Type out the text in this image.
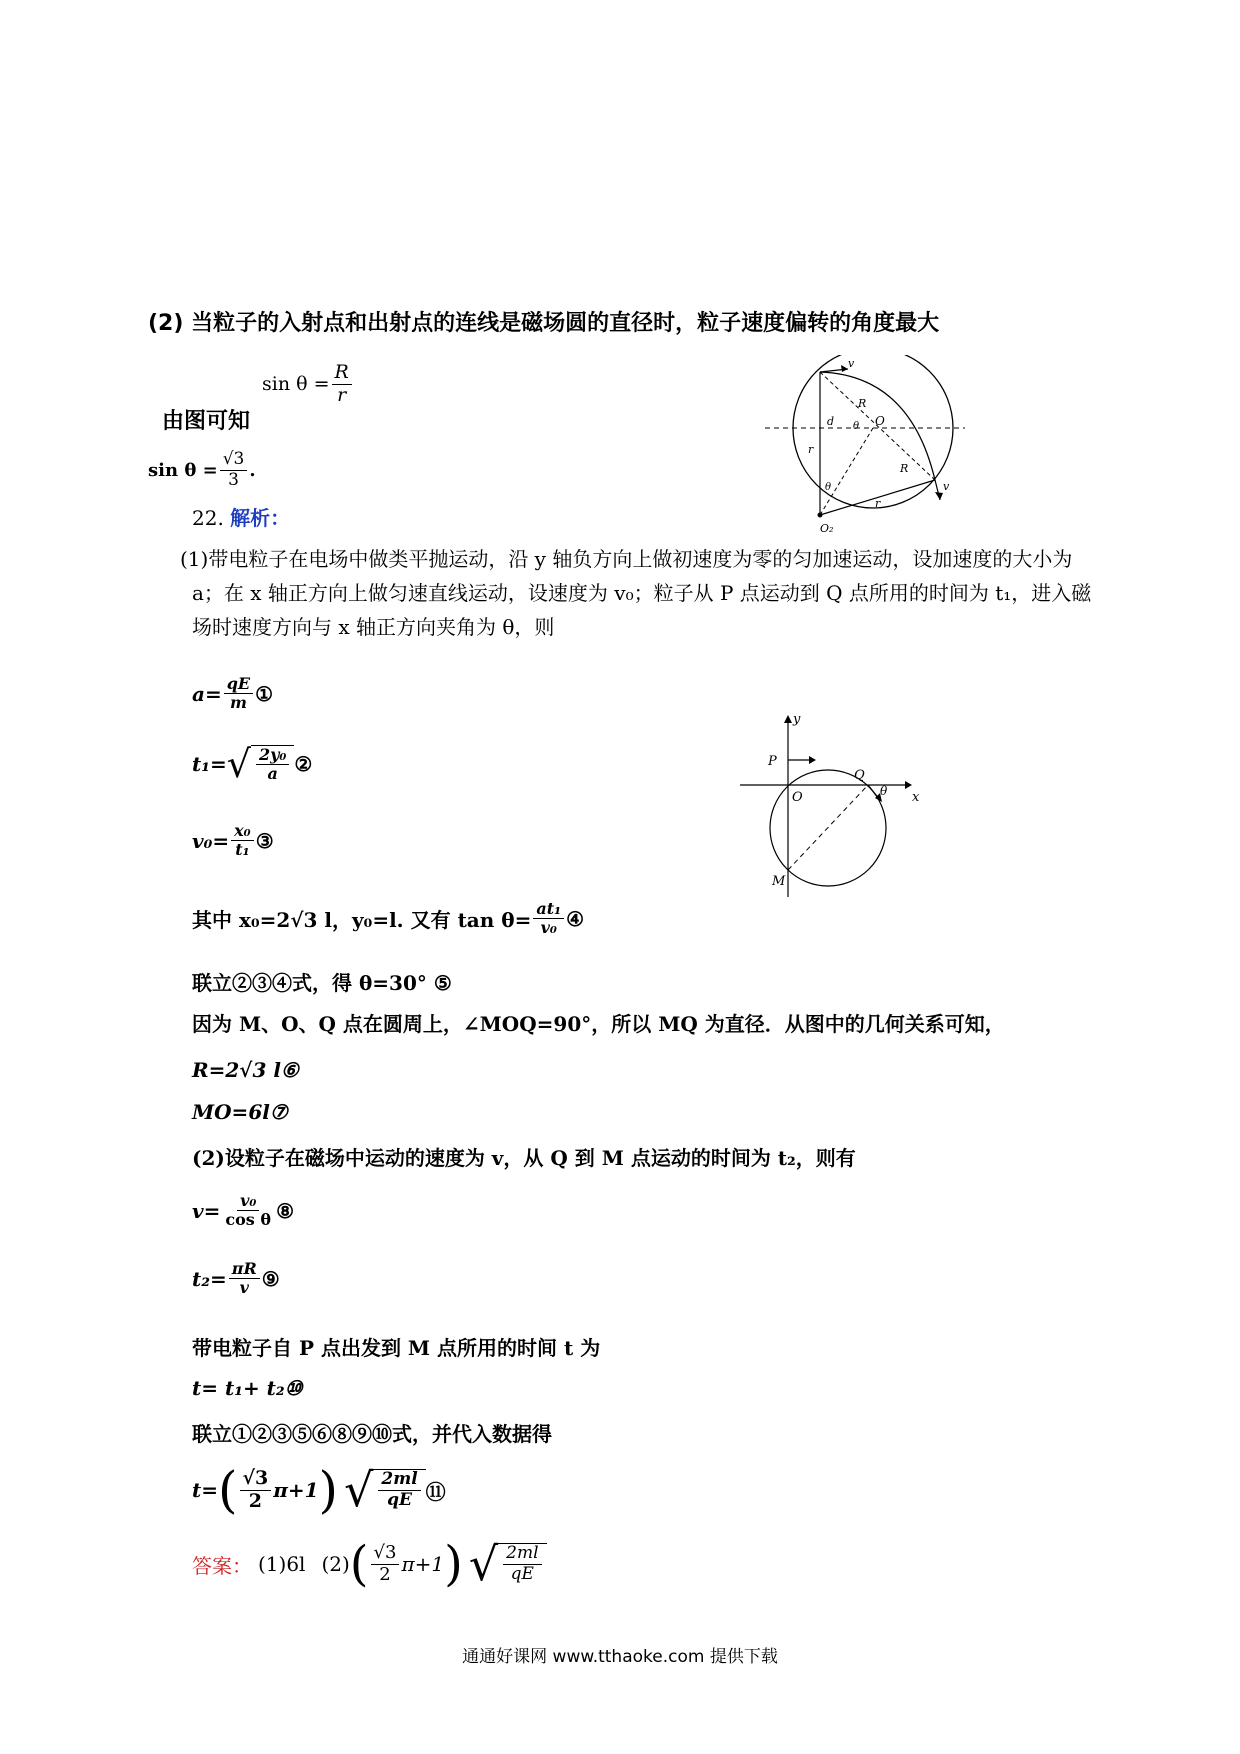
(2) 当粒子的入射点和出射点的连线是磁场圆的直径时，粒子速度偏转的角度最大
$\sin \theta = \frac{R}{r}$
由图可知
$\sin \theta = \frac{√3}{3}$ .
v
R
d θ O
r
R
θ	v
r
O₂
22. 解析：
(1)带电粒子在电场中做类平抛运动，沿 y 轴负方向上做初速度为零的匀加速运动，设加速度的大小为 a；在 x 轴正方向上做匀速直线运动，设速度为 v₀；粒子从 P 点运动到 Q 点所用的时间为 t₁，进入磁场时速度方向与 x 轴正方向夹角为 θ，则
$a= \frac{qE}{m}$ ①
t₁= √ $\frac{\text{2y₀}}{a}$ ②
$v_0= \frac{\text{x₀}}{\text{t₁}}$ ③
y
P
Q
O	θ x
M
其中 x₀=2√3 l，y₀=l. 又有 $\tan \theta= \frac{\text{at₁}}{\text{v₀}}$ ④
联立②③④式，得 θ=30° ⑤
因为 M、O、Q 点在圆周上，∠MOQ=90°，所以 MQ 为直径．从图中的几何关系可知，
R=2√3 l⑥
MO=6l⑦
(2)设粒子在磁场中运动的速度为 v，从 Q 到 M 点运动的时间为 t₂，则有
$v= \frac{\text{v₀}}{\text{cos θ}}$ ⑧
$t_2= \frac{\pi R}{v}$ ⑨
带电粒子自 P 点出发到 M 点所用的时间 t 为
t= t₁+ t₂⑩
联立①②③⑤⑥⑧⑨⑩式，并代入数据得
t= ( $\frac{√3}{2} \pi+1$ ) √ $\frac{2ml}{qE}$ ⑪
答案： (1)6l (2) ( $\frac{√3}{2} \pi+1$ ) √ $\frac{2ml}{qE}$
通通好课网 www.tthaoke.com 提供下载
